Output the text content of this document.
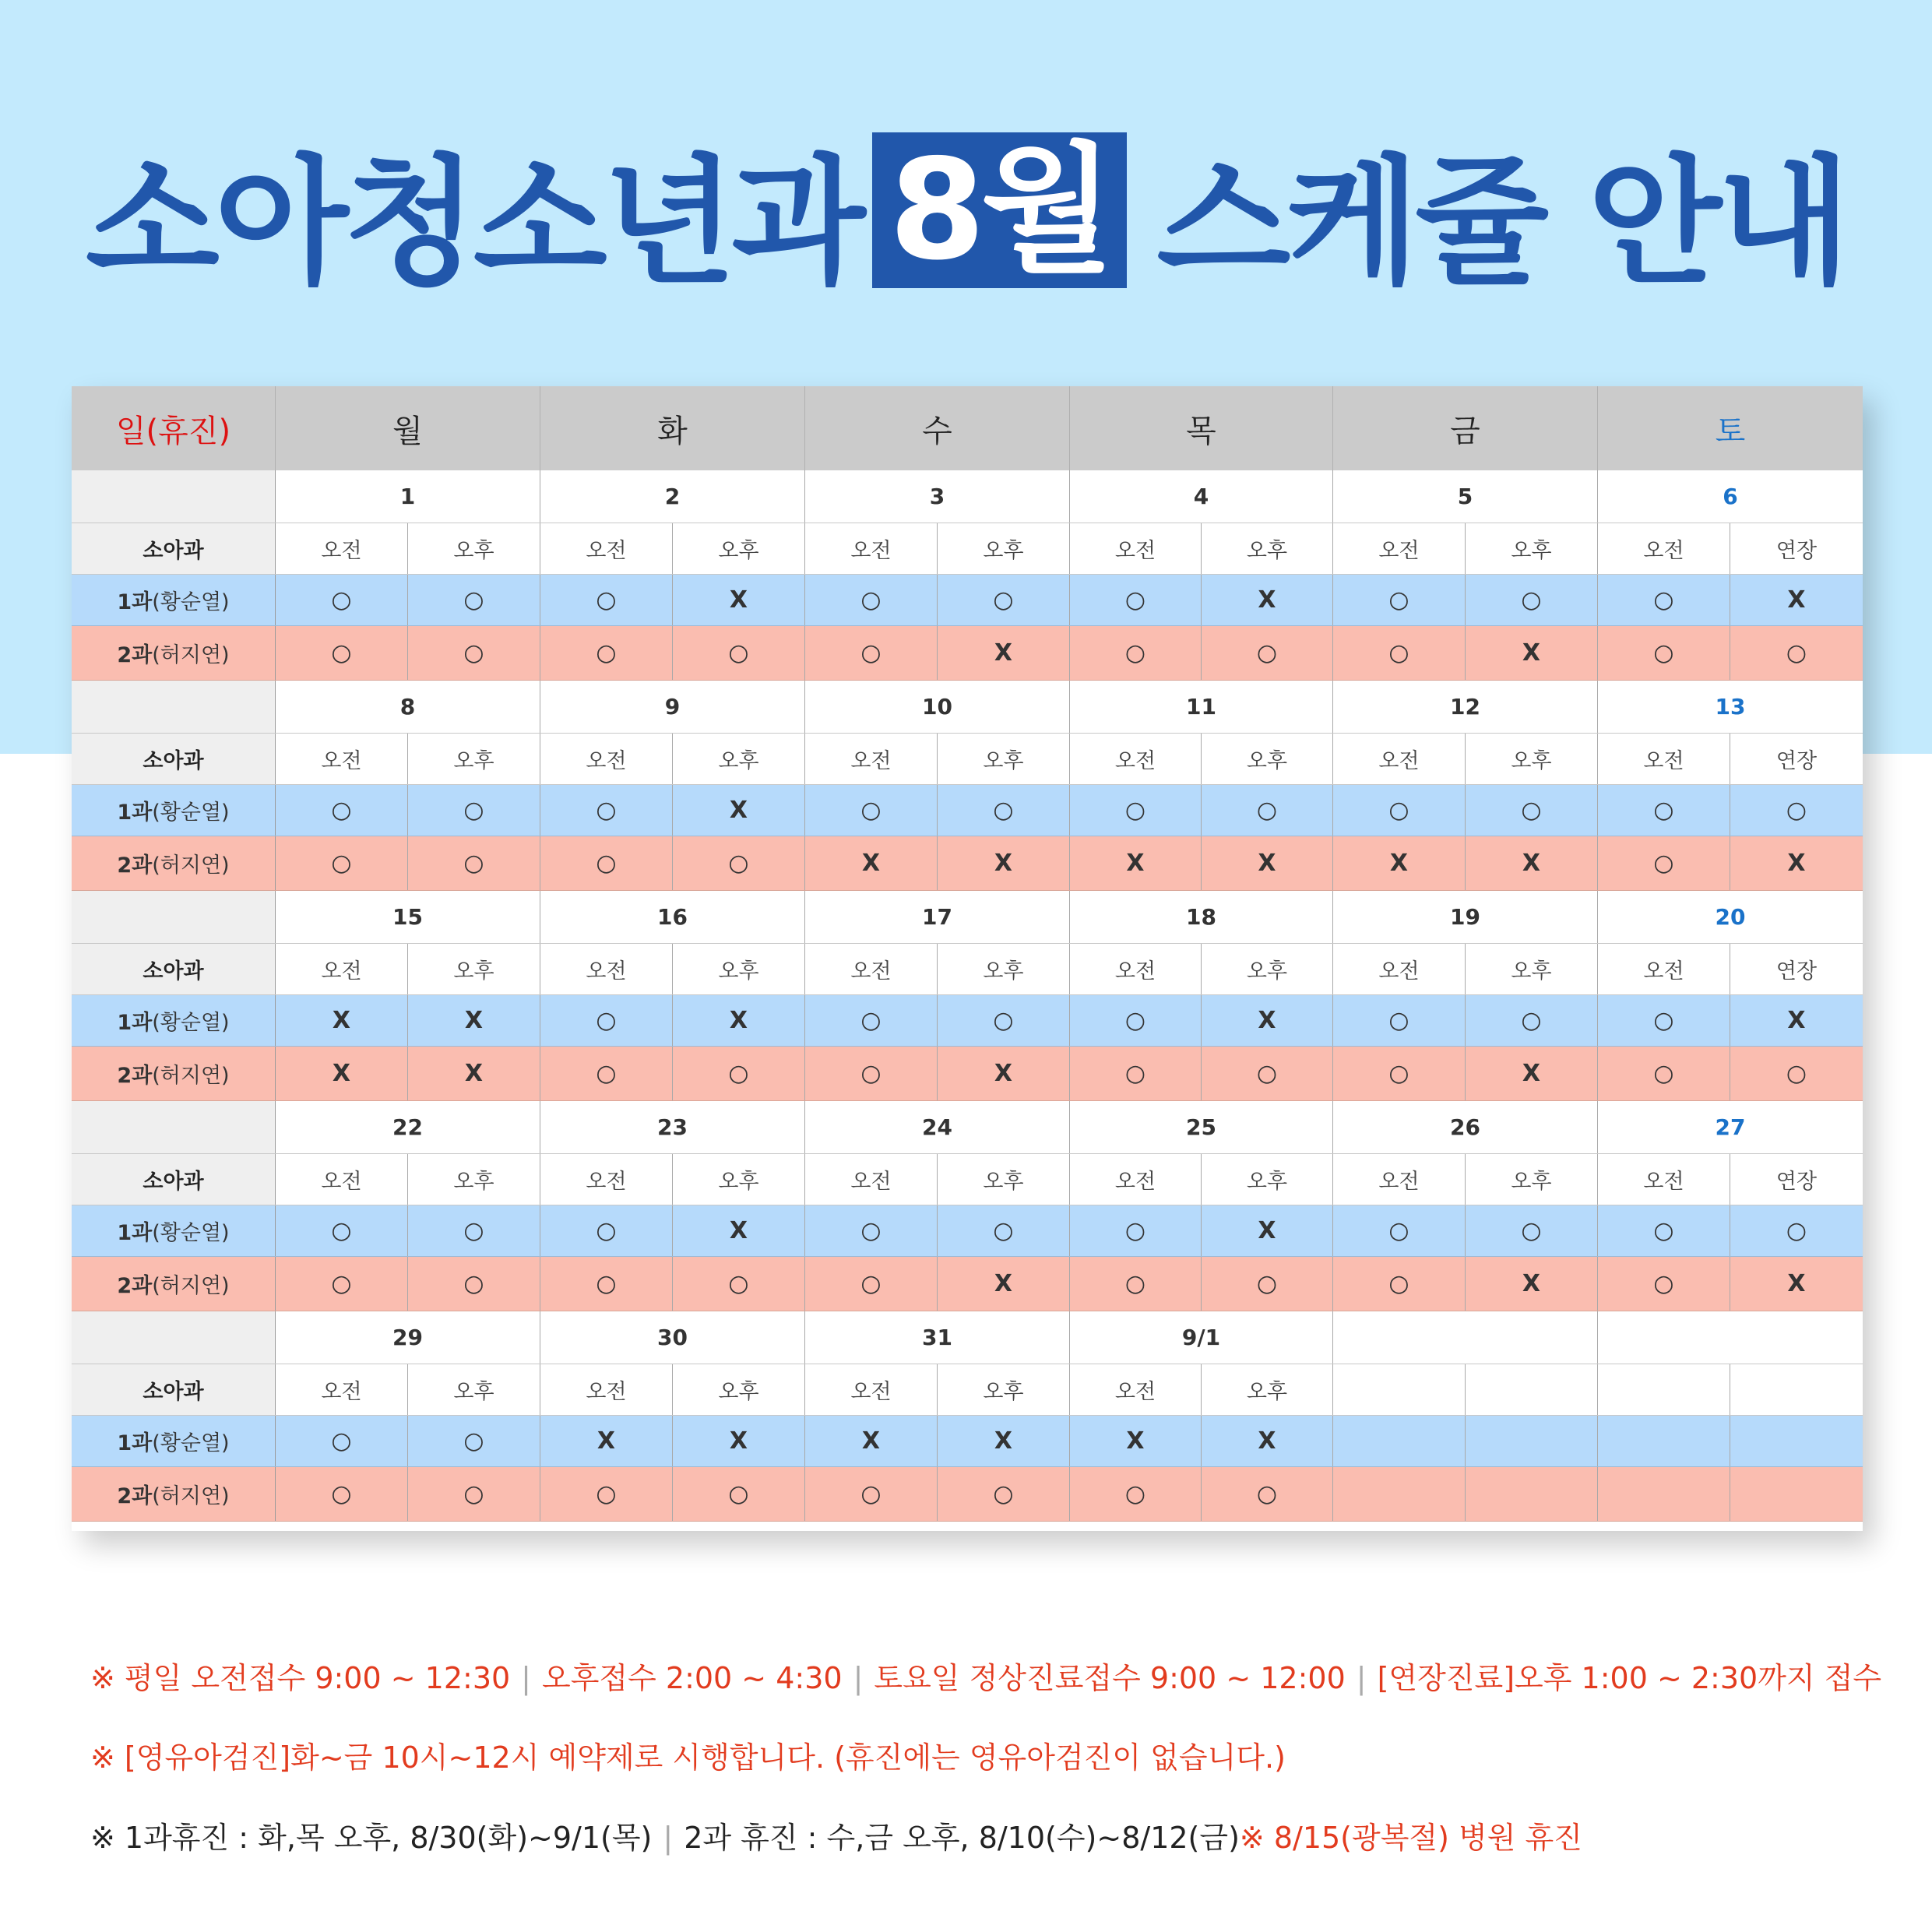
소아청소년과 8월 스케쥴 안내
일(휴진)	월	화	수	목	금	토
1	2	3	4	5	6
소아과	오전	오후	오전	오후	오전	오후	오전	오후	오전	오후	오전	연장
1과 (황순열)	○	○	○	X	○	○	○	X	○	○	○	X
2과 (허지연)	○	○	○	○	○	X	○	○	○	X	○	○
8	9	10	11	12	13
소아과	오전	오후	오전	오후	오전	오후	오전	오후	오전	오후	오전	연장
1과 (황순열)	○	○	○	X	○	○	○	○	○	○	○	○
2과 (허지연)	○	○	○	○	X	X	X	X	X	X	○	X
15	16	17	18	19	20
소아과	오전	오후	오전	오후	오전	오후	오전	오후	오전	오후	오전	연장
1과 (황순열)	X	X	○	X	○	○	○	X	○	○	○	X
2과 (허지연)	X	X	○	○	○	X	○	○	○	X	○	○
22	23	24	25	26	27
소아과	오전	오후	오전	오후	오전	오후	오전	오후	오전	오후	오전	연장
1과 (황순열)	○	○	○	X	○	○	○	X	○	○	○	○
2과 (허지연)	○	○	○	○	○	X	○	○	○	X	○	X
29	30	31	9/1
소아과	오전	오후	오전	오후	오전	오후	오전	오후
1과 (황순열)	○	○	X	X	X	X	X	X
2과 (허지연)	○	○	○	○	○	○	○	○
※ 평일 오전접수 9:00 ~ 12:30 | 오후접수 2:00 ~ 4:30 | 토요일 정상진료접수 9:00 ~ 12:00 | [연장진료]오후 1:00 ~ 2:30까지 접수
※ [영유아검진]화~금 10시~12시 예약제로 시행합니다. (휴진에는 영유아검진이 없습니다.)
※ 1과휴진 : 화,목 오후, 8/30(화)~9/1(목) | 2과 휴진 : 수,금 오후, 8/10(수)~8/12(금)※ 8/15(광복절) 병원 휴진
